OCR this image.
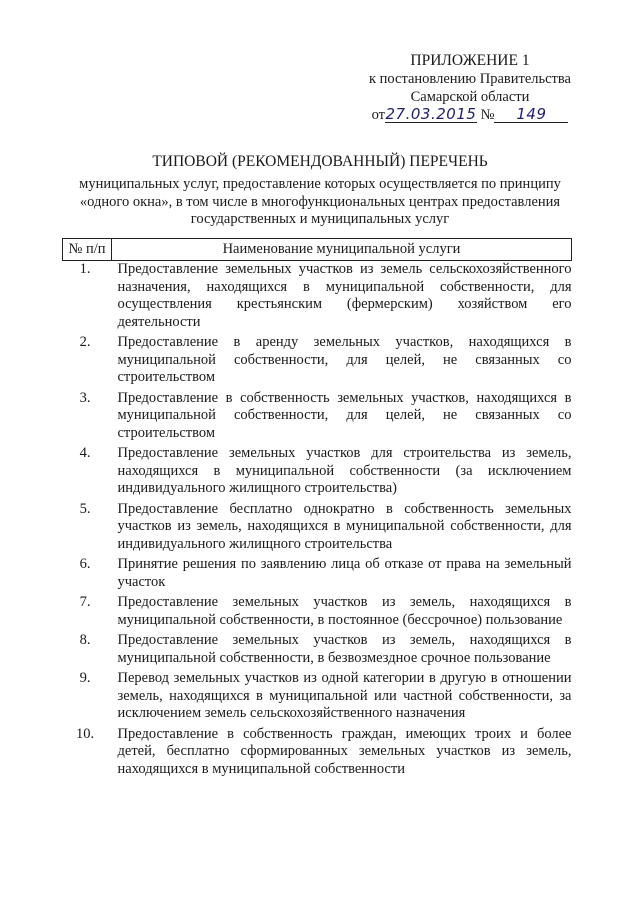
ПРИЛОЖЕНИЕ 1
к постановлению Правительства
Самарской области
от27.03.2015 № 149
ТИПОВОЙ (РЕКОМЕНДОВАННЫЙ) ПЕРЕЧЕНЬ
муниципальных услуг, предоставление которых осуществляется по принципу «одного окна», в том числе в многофункциональных центрах предоставления государственных и муниципальных услуг
№ п/п	Наименование муниципальной услуги
1.	Предоставление земельных участков из земель сельскохозяйственного назначения, находящихся в муниципальной собственности, для осуществления крестьянским (фермерским) хозяйством его деятельности
2.	Предоставление в аренду земельных участков, находящихся в муниципальной собственности, для целей, не связанных со строительством
3.	Предоставление в собственность земельных участков, находящихся в муниципальной собственности, для целей, не связанных со строительством
4.	Предоставление земельных участков для строительства из земель, находящихся в муниципальной собственности (за исключением индивидуального жилищного строительства)
5.	Предоставление бесплатно однократно в собственность земельных участков из земель, находящихся в муниципальной собственности, для индивидуального жилищного строительства
6.	Принятие решения по заявлению лица об отказе от права на земельный участок
7.	Предоставление земельных участков из земель, находящихся в муниципальной собственности, в постоянное (бессрочное) пользование
8.	Предоставление земельных участков из земель, находящихся в муниципальной собственности, в безвозмездное срочное пользование
9.	Перевод земельных участков из одной категории в другую в отношении земель, находящихся в муниципальной или частной собственности, за исключением земель сельскохозяйственного назначения
10.	Предоставление в собственность граждан, имеющих троих и более детей, бесплатно сформированных земельных участков из земель, находящихся в муниципальной собственности
